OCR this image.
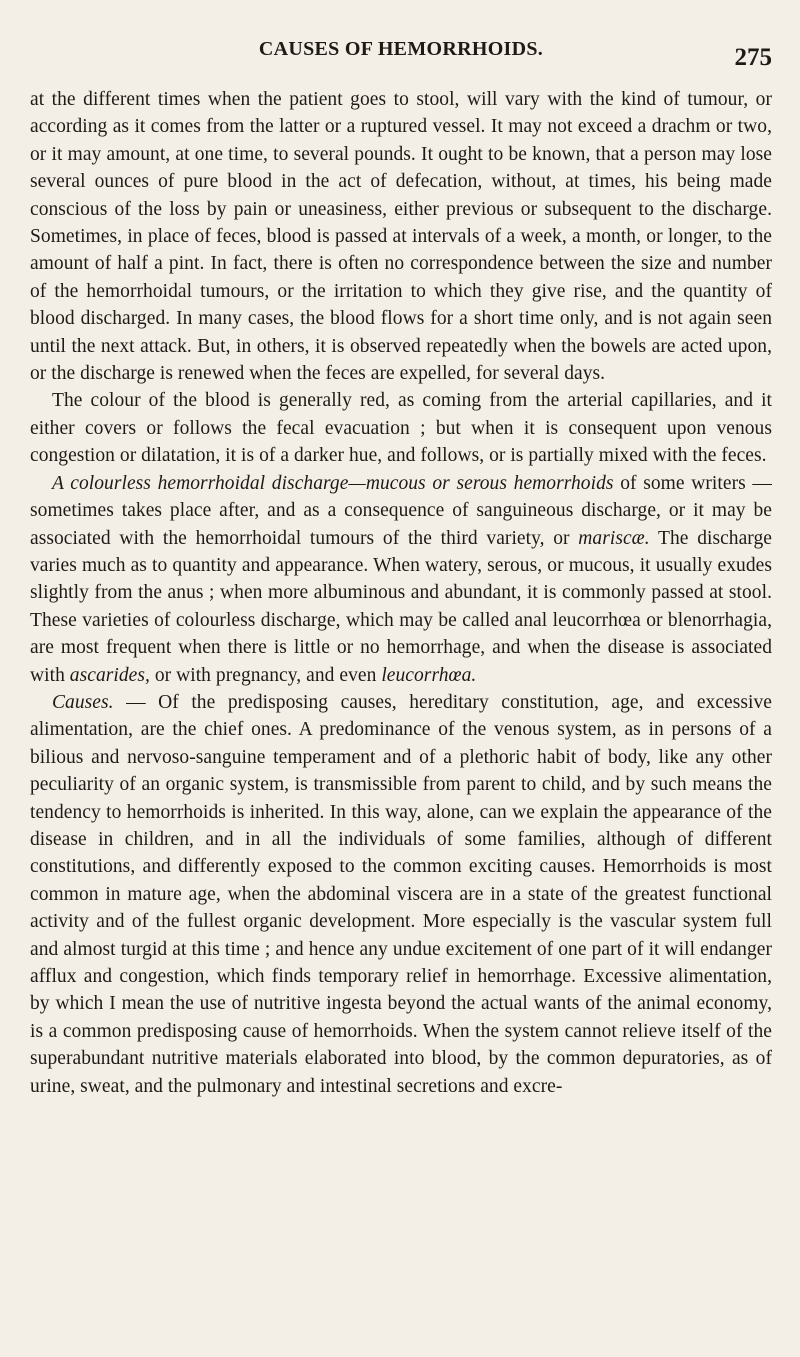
CAUSES OF HEMORRHOIDS.	275

at the different times when the patient goes to stool, will vary with the kind of tumour, or according as it comes from the latter or a ruptured vessel. It may not exceed a drachm or two, or it may amount, at one time, to several pounds. It ought to be known, that a person may lose several ounces of pure blood in the act of defecation, without, at times, his being made conscious of the loss by pain or uneasiness, either previous or subsequent to the discharge. Sometimes, in place of feces, blood is passed at intervals of a week, a month, or longer, to the amount of half a pint. In fact, there is often no correspondence between the size and number of the hemorrhoidal tumours, or the irritation to which they give rise, and the quantity of blood discharged. In many cases, the blood flows for a short time only, and is not again seen until the next attack. But, in others, it is observed repeatedly when the bowels are acted upon, or the discharge is renewed when the feces are expelled, for several days.

The colour of the blood is generally red, as coming from the arterial capillaries, and it either covers or follows the fecal evacuation ; but when it is consequent upon venous congestion or dilatation, it is of a darker hue, and follows, or is partially mixed with the feces.

A colourless hemorrhoidal discharge—mucous or serous hemorrhoids of some writers — sometimes takes place after, and as a consequence of sanguineous discharge, or it may be associated with the hemorrhoidal tumours of the third variety, or mariscæ. The discharge varies much as to quantity and appearance. When watery, serous, or mucous, it usually exudes slightly from the anus ; when more albuminous and abundant, it is commonly passed at stool. These varieties of colourless discharge, which may be called anal leucorrhœa or blenorrhagia, are most frequent when there is little or no hemorrhage, and when the disease is associated with ascarides, or with pregnancy, and even leucorrhœa.

Causes. — Of the predisposing causes, hereditary constitution, age, and excessive alimentation, are the chief ones. A predominance of the venous system, as in persons of a bilious and nervoso-sanguine temperament and of a plethoric habit of body, like any other peculiarity of an organic system, is transmissible from parent to child, and by such means the tendency to hemorrhoids is inherited. In this way, alone, can we explain the appearance of the disease in children, and in all the individuals of some families, although of different constitutions, and differently exposed to the common exciting causes. Hemorrhoids is most common in mature age, when the abdominal viscera are in a state of the greatest functional activity and of the fullest organic development. More especially is the vascular system full and almost turgid at this time ; and hence any undue excitement of one part of it will endanger afflux and congestion, which finds temporary relief in hemorrhage. Excessive alimentation, by which I mean the use of nutritive ingesta beyond the actual wants of the animal economy, is a common predisposing cause of hemorrhoids. When the system cannot relieve itself of the superabundant nutritive materials elaborated into blood, by the common depuratories, as of urine, sweat, and the pulmonary and intestinal secretions and excre-
